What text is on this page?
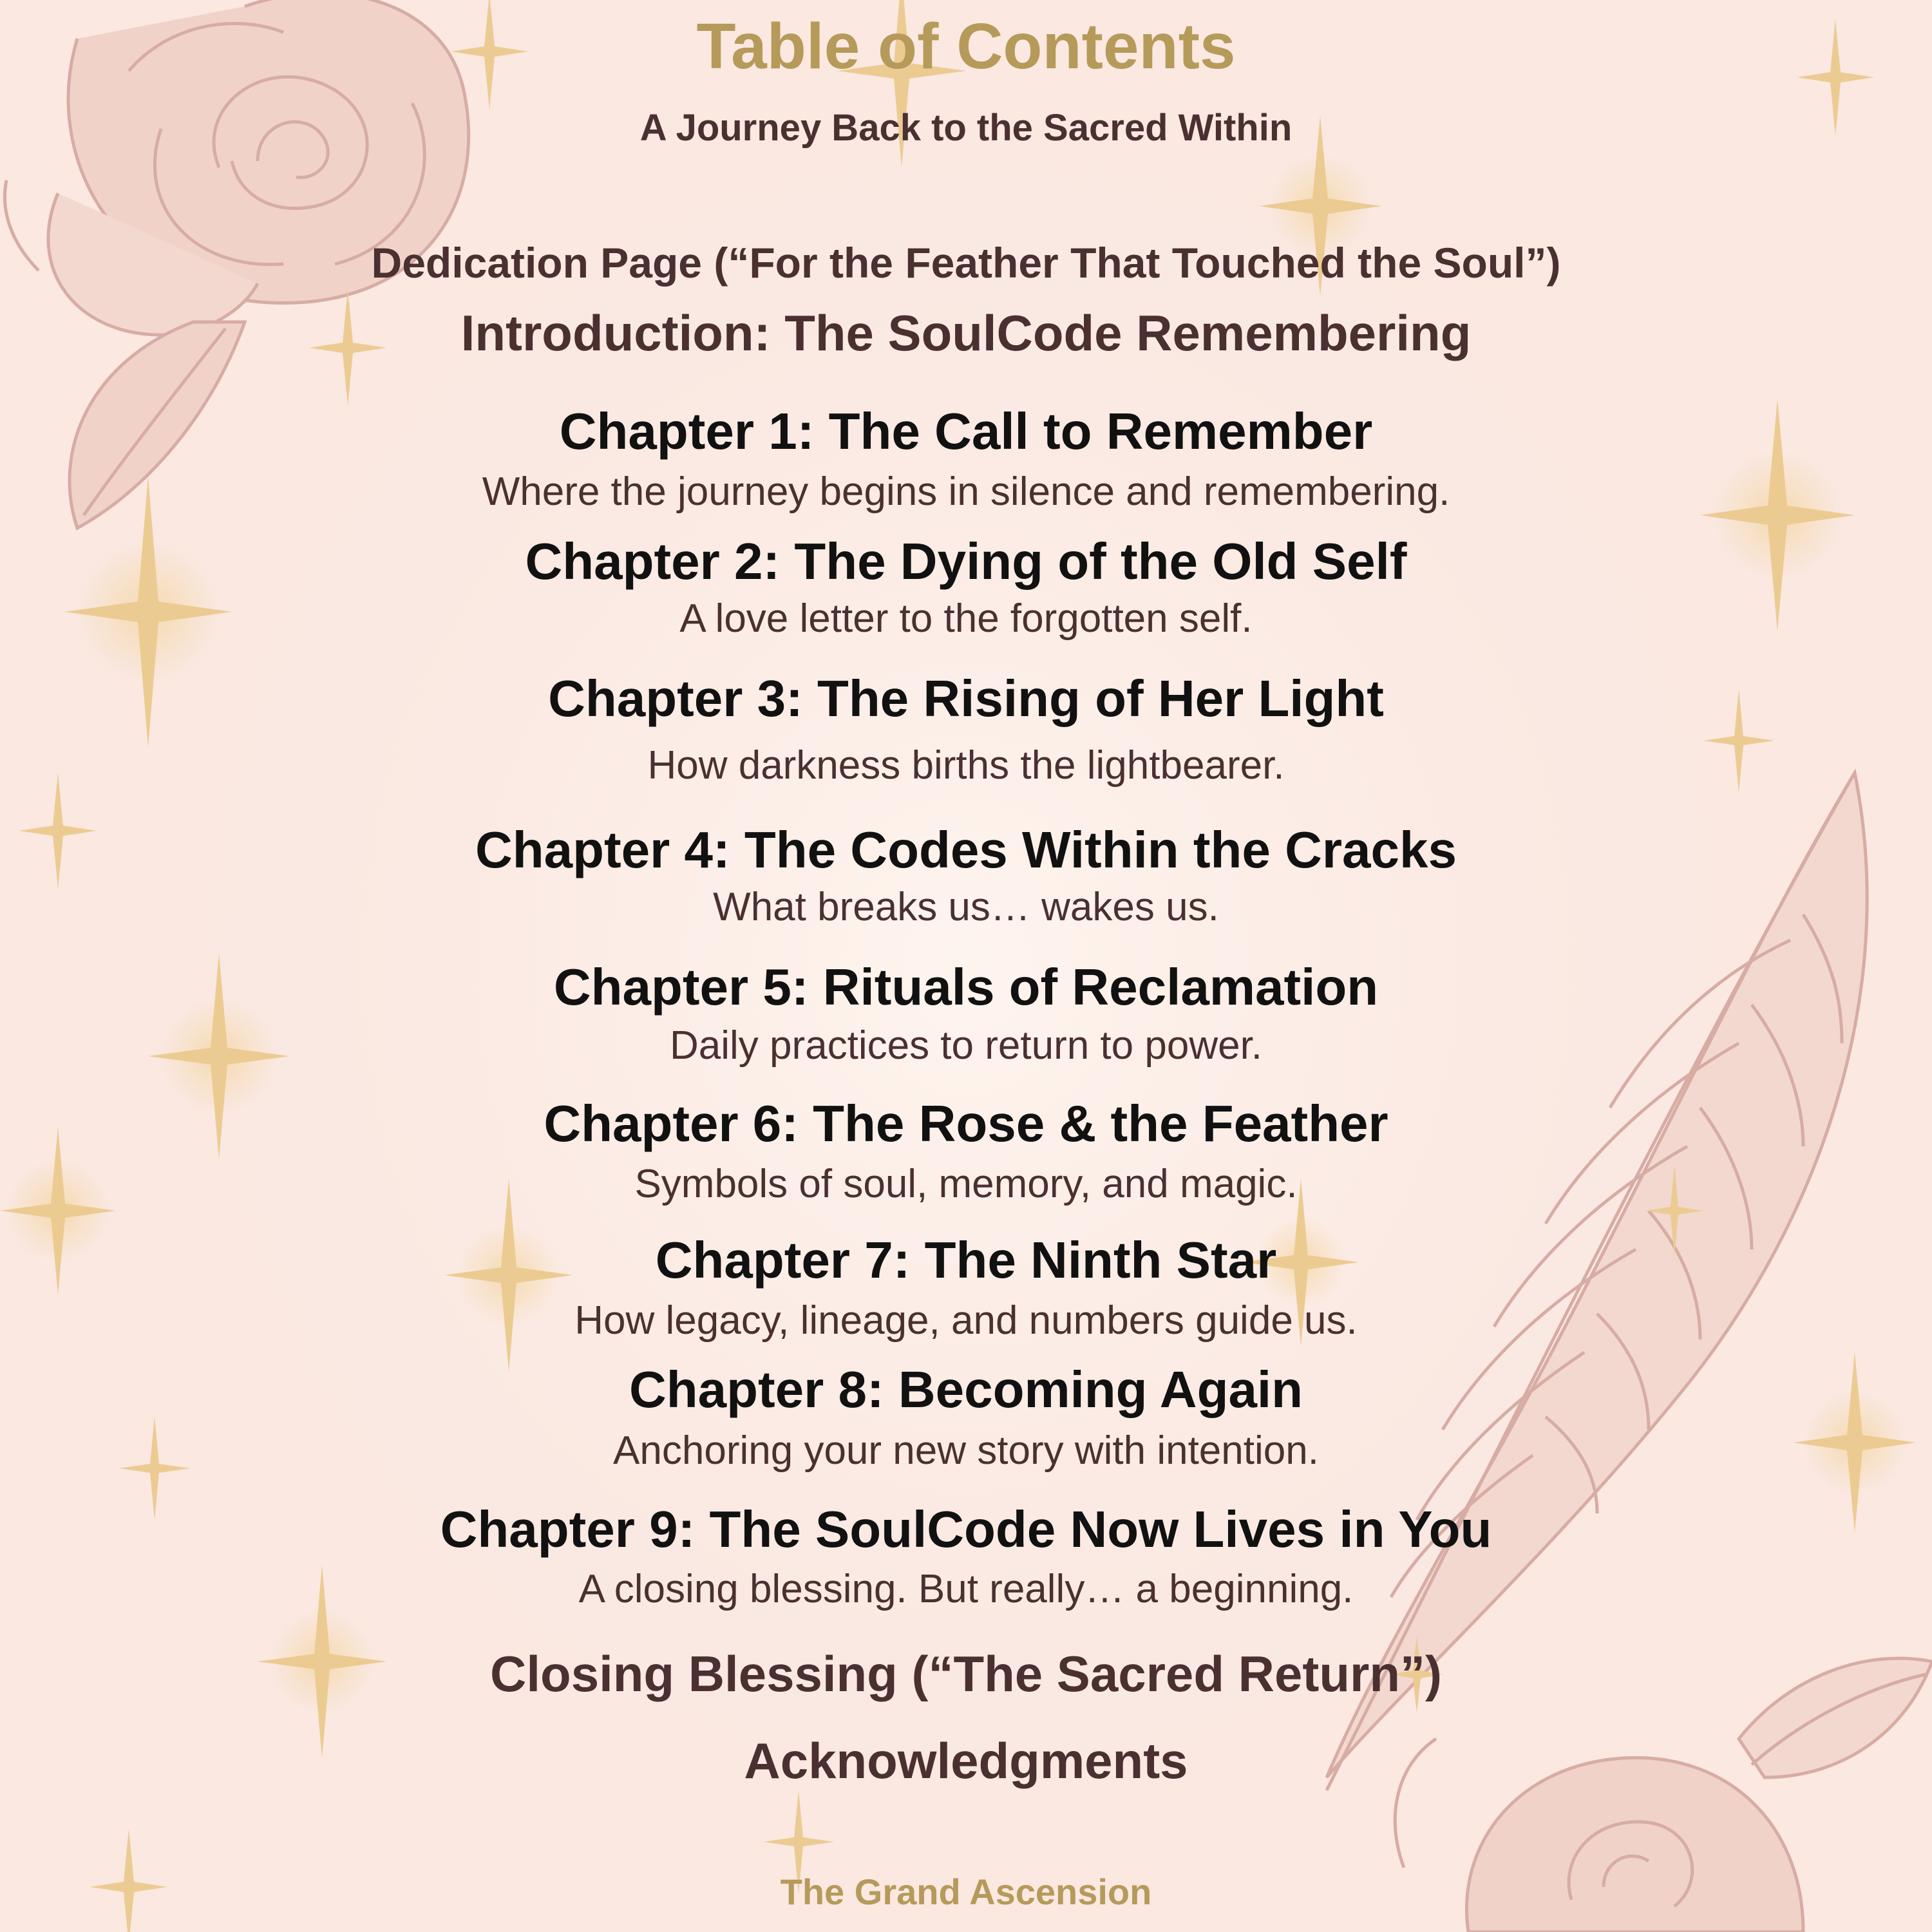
Table of Contents
A Journey Back to the Sacred Within
Dedication Page (“For the Feather That Touched the Soul”)
Introduction: The SoulCode Remembering
Chapter 1: The Call to Remember
Where the journey begins in silence and remembering.
Chapter 2: The Dying of the Old Self
A love letter to the forgotten self.
Chapter 3: The Rising of Her Light
How darkness births the lightbearer.
Chapter 4: The Codes Within the Cracks
What breaks us… wakes us.
Chapter 5: Rituals of Reclamation
Daily practices to return to power.
Chapter 6: The Rose & the Feather
Symbols of soul, memory, and magic.
Chapter 7: The Ninth Star
How legacy, lineage, and numbers guide us.
Chapter 8: Becoming Again
Anchoring your new story with intention.
Chapter 9: The SoulCode Now Lives in You
A closing blessing. But really… a beginning.
Closing Blessing (“The Sacred Return”)
Acknowledgments
The Grand Ascension
